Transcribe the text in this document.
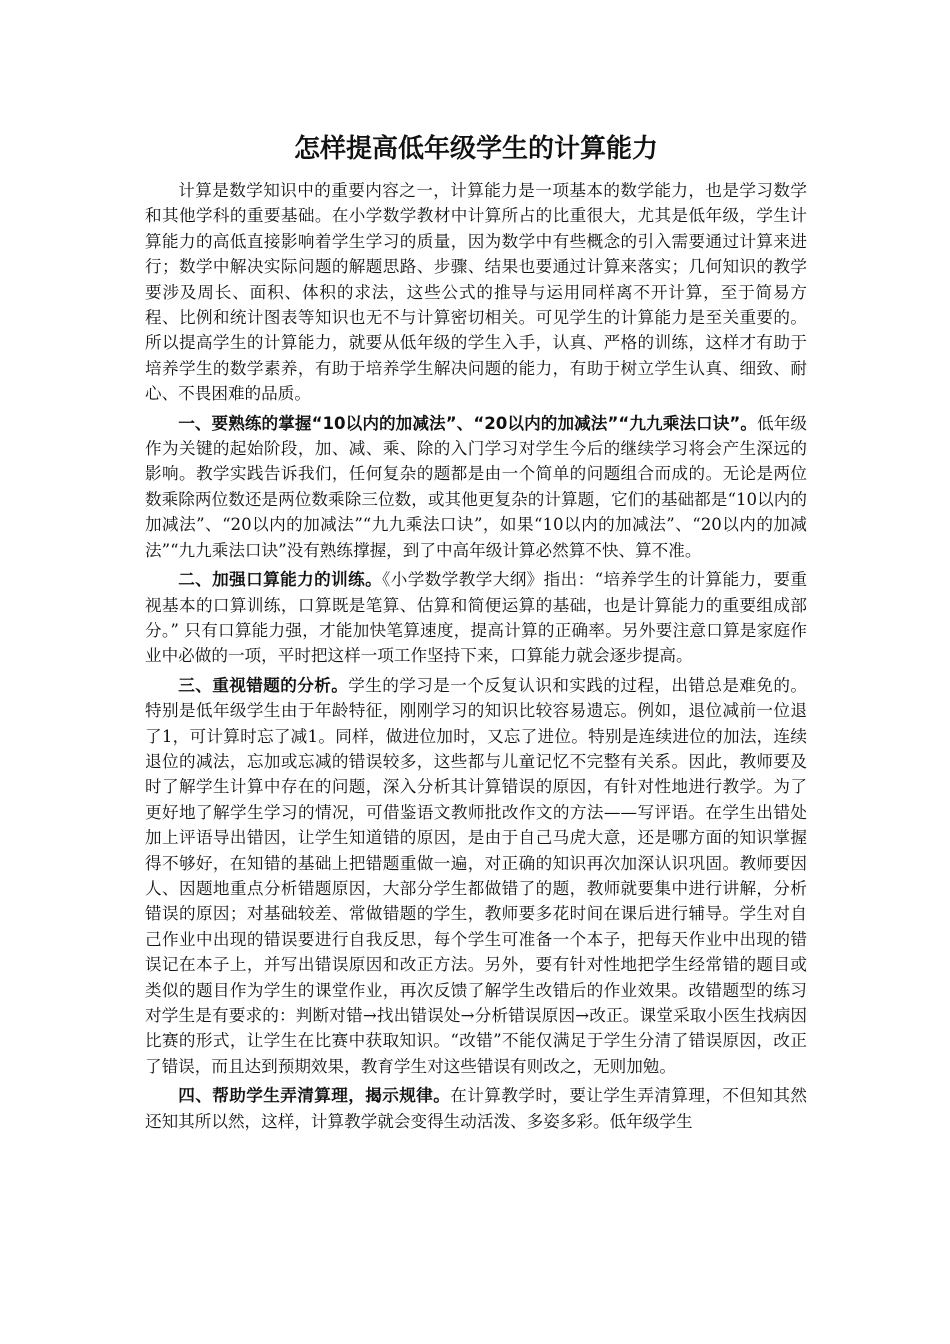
怎样提高低年级学生的计算能力

计算是数学知识中的重要内容之一，计算能力是一项基本的数学能力，也是学习数学和其他学科的重要基础。在小学数学教材中计算所占的比重很大，尤其是低年级，学生计算能力的高低直接影响着学生学习的质量，因为数学中有些概念的引入需要通过计算来进行；数学中解决实际问题的解题思路、步骤、结果也要通过计算来落实；几何知识的教学要涉及周长、面积、体积的求法，这些公式的推导与运用同样离不开计算，至于简易方程、比例和统计图表等知识也无不与计算密切相关。可见学生的计算能力是至关重要的。所以提高学生的计算能力，就要从低年级的学生入手，认真、严格的训练，这样才有助于培养学生的数学素养，有助于培养学生解决问题的能力，有助于树立学生认真、细致、耐心、不畏困难的品质。

一、要熟练的掌握“10以内的加减法”、“20以内的加减法”“九九乘法口诀”。低年级作为关键的起始阶段，加、减、乘、除的入门学习对学生今后的继续学习将会产生深远的影响。教学实践告诉我们，任何复杂的题都是由一个简单的问题组合而成的。无论是两位数乘除两位数还是两位数乘除三位数，或其他更复杂的计算题，它们的基础都是“10以内的加减法”、“20以内的加减法”“九九乘法口诀”，如果“10以内的加减法”、“20以内的加减法”“九九乘法口诀”没有熟练撑握，到了中高年级计算必然算不快、算不准。

二、加强口算能力的训练。《小学数学教学大纲》指出：“培养学生的计算能力，要重视基本的口算训练，口算既是笔算、估算和简便运算的基础，也是计算能力的重要组成部分。” 只有口算能力强，才能加快笔算速度，提高计算的正确率。另外要注意口算是家庭作业中必做的一项，平时把这样一项工作坚持下来，口算能力就会逐步提高。

三、重视错题的分析。学生的学习是一个反复认识和实践的过程，出错总是难免的。特别是低年级学生由于年龄特征，刚刚学习的知识比较容易遗忘。例如，退位减前一位退了1，可计算时忘了减1。同样，做进位加时，又忘了进位。特别是连续进位的加法，连续退位的减法，忘加或忘减的错误较多，这些都与儿童记忆不完整有关系。因此，教师要及时了解学生计算中存在的问题，深入分析其计算错误的原因，有针对性地进行教学。为了更好地了解学生学习的情况，可借鉴语文教师批改作文的方法——写评语。在学生出错处加上评语导出错因，让学生知道错的原因，是由于自己马虎大意，还是哪方面的知识掌握得不够好，在知错的基础上把错题重做一遍，对正确的知识再次加深认识巩固。教师要因人、因题地重点分析错题原因，大部分学生都做错了的题，教师就要集中进行讲解，分析错误的原因；对基础较差、常做错题的学生，教师要多花时间在课后进行辅导。学生对自己作业中出现的错误要进行自我反思，每个学生可准备一个本子，把每天作业中出现的错误记在本子上，并写出错误原因和改正方法。另外，要有针对性地把学生经常错的题目或类似的题目作为学生的课堂作业，再次反馈了解学生改错后的作业效果。改错题型的练习对学生是有要求的：判断对错→找出错误处→分析错误原因→改正。课堂采取小医生找病因比赛的形式，让学生在比赛中获取知识。“改错”不能仅满足于学生分清了错误原因，改正了错误，而且达到预期效果，教育学生对这些错误有则改之，无则加勉。

四、帮助学生弄清算理，揭示规律。在计算教学时，要让学生弄清算理，不但知其然还知其所以然，这样，计算教学就会变得生动活泼、多姿多彩。低年级学生
